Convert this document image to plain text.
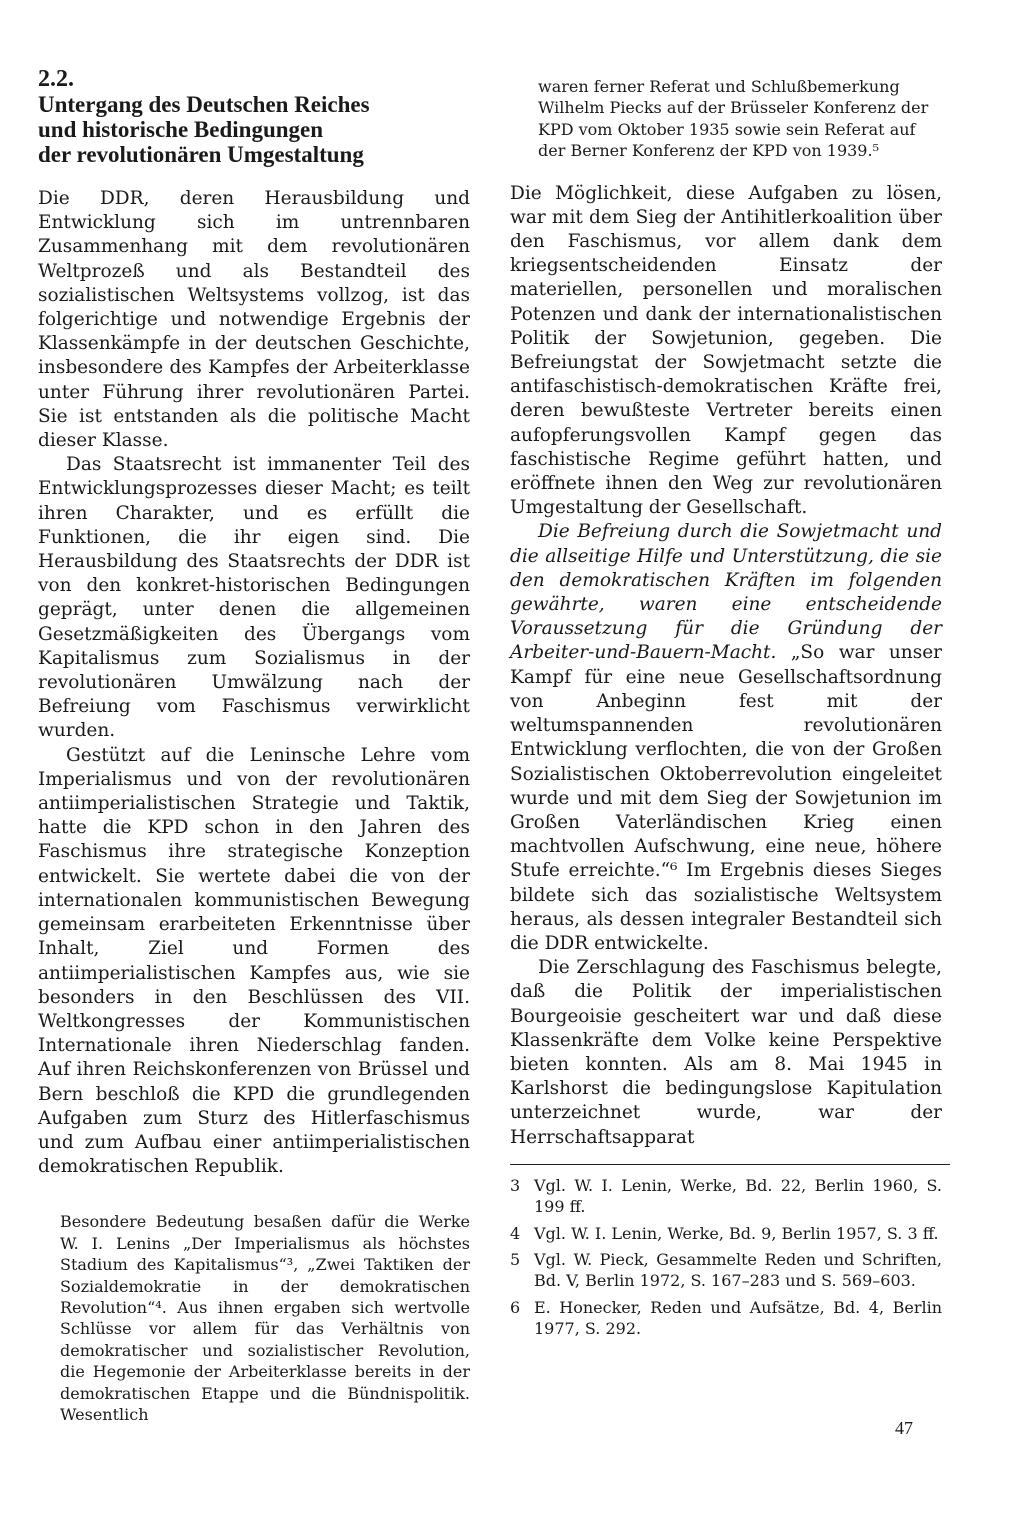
2.2.
Untergang des Deutschen Reiches
und historische Bedingungen
der revolutionären Umgestaltung

Die DDR, deren Herausbildung und Entwicklung sich im untrennbaren Zusammenhang mit dem revolutionären Weltprozeß und als Bestandteil des sozialistischen Weltsystems vollzog, ist das folgerichtige und notwendige Ergebnis der Klassenkämpfe in der deutschen Geschichte, insbesondere des Kampfes der Arbeiterklasse unter Führung ihrer revolutionären Partei. Sie ist entstanden als die politische Macht dieser Klasse.

Das Staatsrecht ist immanenter Teil des Entwicklungsprozesses dieser Macht; es teilt ihren Charakter, und es erfüllt die Funktionen, die ihr eigen sind. Die Herausbildung des Staatsrechts der DDR ist von den konkret-historischen Bedingungen geprägt, unter denen die allgemeinen Gesetzmäßigkeiten des Übergangs vom Kapitalismus zum Sozialismus in der revolutionären Umwälzung nach der Befreiung vom Faschismus verwirklicht wurden.

Gestützt auf die Leninsche Lehre vom Imperialismus und von der revolutionären antiimperialistischen Strategie und Taktik, hatte die KPD schon in den Jahren des Faschismus ihre strategische Konzeption entwickelt. Sie wertete dabei die von der internationalen kommunistischen Bewegung gemeinsam erarbeiteten Erkenntnisse über Inhalt, Ziel und Formen des antiimperialistischen Kampfes aus, wie sie besonders in den Beschlüssen des VII. Weltkongresses der Kommunistischen Internationale ihren Niederschlag fanden. Auf ihren Reichskonferenzen von Brüssel und Bern beschloß die KPD die grundlegenden Aufgaben zum Sturz des Hitlerfaschismus und zum Aufbau einer antiimperialistischen demokratischen Republik.

Besondere Bedeutung besaßen dafür die Werke W. I. Lenins „Der Imperialismus als höchstes Stadium des Kapitalismus“³, „Zwei Taktiken der Sozialdemokratie in der demokratischen Revolution“⁴. Aus ihnen ergaben sich wertvolle Schlüsse vor allem für das Verhältnis von demokratischer und sozialistischer Revolution, die Hegemonie der Arbeiterklasse bereits in der demokratischen Etappe und die Bündnispolitik. Wesentlich

waren ferner Referat und Schlußbemerkung Wilhelm Piecks auf der Brüsseler Konferenz der KPD vom Oktober 1935 sowie sein Referat auf der Berner Konferenz der KPD von 1939.⁵

Die Möglichkeit, diese Aufgaben zu lösen, war mit dem Sieg der Antihitlerkoalition über den Faschismus, vor allem dank dem kriegsentscheidenden Einsatz der materiellen, personellen und moralischen Potenzen und dank der internationalistischen Politik der Sowjetunion, gegeben. Die Befreiungstat der Sowjetmacht setzte die antifaschistisch-demokratischen Kräfte frei, deren bewußteste Vertreter bereits einen aufopferungsvollen Kampf gegen das faschistische Regime geführt hatten, und eröffnete ihnen den Weg zur revolutionären Umgestaltung der Gesellschaft.

Die Befreiung durch die Sowjetmacht und die allseitige Hilfe und Unterstützung, die sie den demokratischen Kräften im folgenden gewährte, waren eine entscheidende Voraussetzung für die Gründung der Arbeiter-und-Bauern-Macht. „So war unser Kampf für eine neue Gesellschaftsordnung von Anbeginn fest mit der weltumspannenden revolutionären Entwicklung verflochten, die von der Großen Sozialistischen Oktoberrevolution eingeleitet wurde und mit dem Sieg der Sowjetunion im Großen Vaterländischen Krieg einen machtvollen Aufschwung, eine neue, höhere Stufe erreichte.“⁶ Im Ergebnis dieses Sieges bildete sich das sozialistische Weltsystem heraus, als dessen integraler Bestandteil sich die DDR entwickelte.

Die Zerschlagung des Faschismus belegte, daß die Politik der imperialistischen Bourgeoisie gescheitert war und daß diese Klassenkräfte dem Volke keine Perspektive bieten konnten. Als am 8. Mai 1945 in Karlshorst die bedingungslose Kapitulation unterzeichnet wurde, war der Herrschaftsapparat

3 Vgl. W. I. Lenin, Werke, Bd. 22, Berlin 1960, S. 199 ff.
4 Vgl. W. I. Lenin, Werke, Bd. 9, Berlin 1957, S. 3 ff.
5 Vgl. W. Pieck, Gesammelte Reden und Schriften, Bd. V, Berlin 1972, S. 167–283 und S. 569–603.
6 E. Honecker, Reden und Aufsätze, Bd. 4, Berlin 1977, S. 292.
47
